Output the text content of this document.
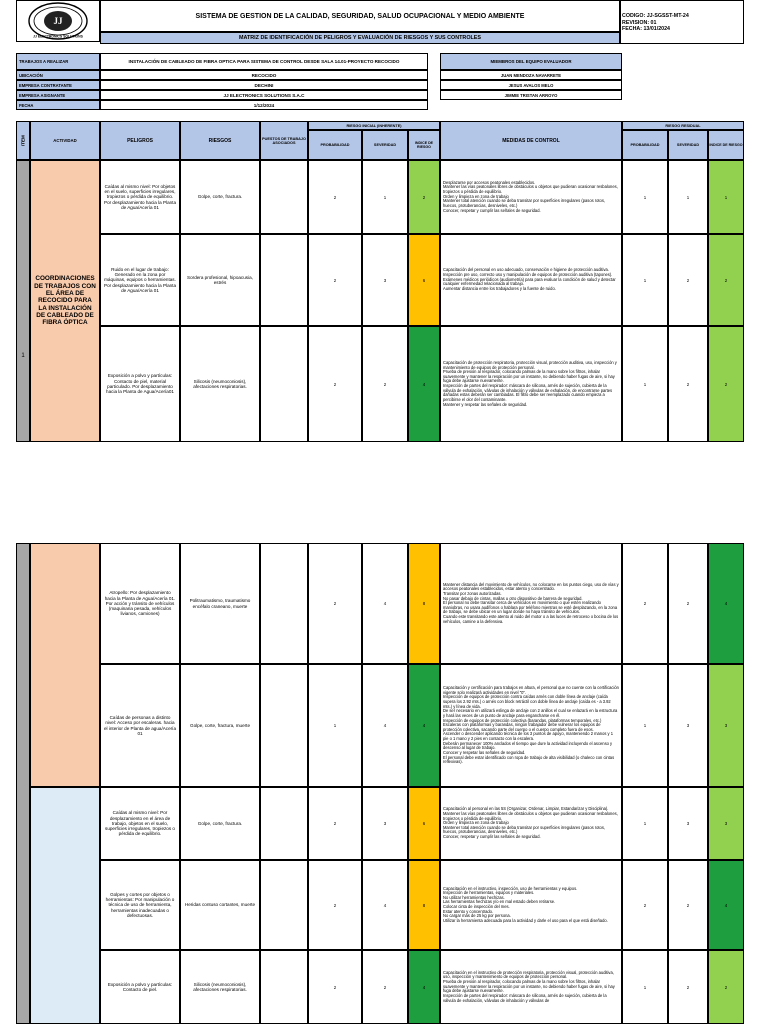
JJ
JJ ELECTRONICS SOLUTIONS
SISTEMA DE GESTION DE LA CALIDAD, SEGURIDAD, SALUD OCUPACIONAL Y MEDIO AMBIENTE
MATRIZ DE IDENTIFICACIÓN DE PELIGROS Y EVALUACIÓN DE RIESGOS Y SUS CONTROLES
CODIGO: JJ-SGSST-MT-24
REVISION: 01
FECHA: 13/01/2024
TRABAJOS A REALIZAR	INSTALACIÓN DE CABLEADO DE FIBRA OPTICA PARA SISTEMA DE CONTROL DESDE SALA 14.01-PROYECTO RECOCIDO
UBICACIÓN	RECOCIDO
EMPRESA CONTRATANTE	DECHINI
EMPRESA ASIGNANTE	JJ ELECTRONICS SOLUTIONS S.A.C
FECHA	1/12/2024
MIEMBROS DEL EQUIPO EVALUADOR
JUAN MENDOZA NAVARRETE
JESUS AVALOS MELO
JIMMIE TRISTAN ARROYO
ITEM	ACTIVIDAD	PELIGROS	RIESGOS	PUESTOS DE TRABAJO ASOCIADOS
RIESGO INICIAL (INHERENTE)
PROBABILIDAD	SEVERIDAD	INDICE DE RIESGO
MEDIDAS DE CONTROL
RIESGO RESIDUAL
PROBABILIDAD	SEVERIDAD	INDICE DE RIESGO
1
COORDINACIONES DE TRABAJOS CON EL ÁREA DE RECOCIDO PARA LA INSTALACIÓN DE CABLEADO DE FIBRA ÓPTICA
Caídas al mismo nivel: Por objetos en el suelo, superficies irregulares, tropiezos o pérdida de equilibrio. Por desplazamiento hacia la Planta de Agua/Acería 01
Golpe, corte, fractura.	2	1	2
Desplazarse por accesos peatonales establecidos.
Mantener las vías peatonales libres de obstáculos u objetos que pudieran ocasionar resbalones, tropiezos o pérdida de equilibrio.
Orden y limpieza en zona de trabajo
Mantener total atención cuando se deba transitar por superficies irregulares (pasos rotos, huecos, protuberancias, desniveles, etc.)
Conocer, respetar y cumplir las señales de seguridad.
1	1	1
Ruido en el lugar de trabajo: Generado en la zona por máquinas, equipos o herramientas. Por desplazamiento hacia la Planta de Agua/Acería 01
Sordera profesional, hipoacusia, estrés	2	3	6
Capacitación del personal en uso adecuado, conservación e higiene de protección auditiva.
Inspección pre uso, correcto uso y manipulación de equipos de protección auditiva (tapones).
Exámenes médicos periódicos (audiometría) para para evaluar la condición de salud y detectar cualquier enfermedad relacionada al trabajo.
Aumentar distancia entre los trabajadores y la fuente de ruido.
1	2	2
Exposición a polvo y partículas: Contacto de piel, material particulado. Por desplazamiento hacia la Planta de Agua/Acería01
Silicosis (neumoconiosis), afectaciones respiratorias.	2	2	4
Capacitación de protección respiratoria, protección visual, protección auditiva, uso, inspección y mantenimiento de equipos de protección personal.
Prueba de presión al respirador, colocando palmas de la mano sobre los filtros, inhalar suavemente y mantener la respiración por un instante, no debiendo haber fugas de aire, si hay fuga debe ajustarse nuevamente.
Inspección de partes del respirador: máscara de silicona, arnés de sujeción, cubierta de la válvula de exhalación, válvulas de inhalación y válvulas de exhalación, de encontrarse partes dañadas estas deberán ser cambiadas. El filtro debe ser reemplazado cuando empieza a percibirse el olor del contaminante.
Mantener y respetar las señales de seguridad.
1	2	2
Atropello: Por desplazamiento hacia la Planta de Agua/Acería 01. Por acción y tránsito de vehículos (maquinaria pesada, vehículos livianos, camiones)
Politraumatismo, traumatismo encéfalo craneano, muerte	2	4	8
Mantener distancia del movimiento de vehículos, no colocarse en los puntos ciego, uso de vías y accesos peatonales establecidos, estar atento y concentrado.
Transitar por zonas autorizadas.
No pasar debajo de cintas, mallas u otro dispositivo de barrera de seguridad.
El personal no debe transitar cerca de vehículos en movimiento o que estén realizando maniobras, no usara audífonos o hablara por teléfono mientras se esté desplazando, en la zona de trabajo, se debe ubicar en un lugar donde no haya tránsito de vehículos.
Cuando este transitando este atento al ruido del motor o a las luces de retroceso o bocina de los vehículos, camine a la defensiva.
2	2	4
Caídas de personas a distinto nivel: Acceso por escaleras. hacia el interior de Planta de agua/Acería 01
Golpe, corte, fractura, muerte	1	4	4
Capacitación y certificación para trabajos en altura, el personal que no cuente con la certificación vigente solo realizará actividades en nivel "0".
Inspección de equipos de protección contra caídas arnés con doble línea de anclaje (caída supera los 2.92 mts.) o arnés con block retráctil con doble línea de anclaje (caída es - a 3.92 mts.) y línea de vida.
De ser necesario en utilizará eslinga de anclaje con 2 anillos el cual se enlazará en la estructura y hará las veces de un punto de anclaje para engancharse en él.
Inspección de equipos de protección colectiva (barandas, plataformas temporales, etc.) Escaleras con plataformas y barandas, ningún trabajador debe vulnerar los equipos de protección colectiva, sacando parte del cuerpo o el cuerpo completo fuera de esos.
Ascender o descender aplicando técnica de los 3 puntos de apoyo, manteniendo 2 manos y 1 pie o 1 mano y 2 pies en contacto con la escalera.
Deberán permanecer 100% anclados el tiempo que dure la actividad incluyendo el ascenso y descenso al lugar de trabajo.
Conocer y respetar las señales de seguridad.
El personal debe estar identificado con ropa de trabajo de alta visibilidad (o chaleco con cintas reflexivas).
1	3	3
Caídas al mismo nivel: Por desplazamiento en el área de trabajo, objetos en el suelo, superficies irregulares, tropiezos o pérdida de equilibrio.
Golpe, corte, fractura.	2	3	6
Capacitación al personal en las 5S (Organizar, Ordenar, Limpiar, Estandarizar y Disciplina).
Mantener las vías peatonales libres de obstáculos u objetos que pudieran ocasionar resbalones, tropiezos o pérdida de equilibrio.
Orden y limpieza en zona de trabajo
Mantener total atención cuando se deba transitar por superficies irregulares (pasos rotos, huecos, protuberancias, desniveles, etc.)
Conocer, respetar y cumplir las señales de seguridad.
1	3	3
Golpes y cortes por objetos o herramientas: Por manipulación o técnica de uso de herramienta, herramientas inadecuadas o defectuosas.
Heridas contuso cortantes, muerte	2	4	8
Capacitación en el instructivo, inspección, uso de herramientas y equipos.
Inspección de herramientas, equipos y materiales.
No utilizar herramientas hechizas.
Las herramientas hechizas y/o en mal estado deben retirarse.
Colocar cinta de inspección del mes.
Estar atento y concentrado.
No cargar más de 25 kg por persona.
Utilizar la herramienta adecuada para la actividad y darle el uso para el que está diseñado.
2	2	4
Exposición a polvo y partículas: Contacto de piel.
Silicosis (neumoconiosis), afectaciones respiratorias.	2	2	4
Capacitación en el instructivo de protección respiratoria, protección visual, protección auditiva, uso, inspección y mantenimiento de equipos de protección personal.
Prueba de presión al respirador, colocando palmas de la mano sobre los filtros, inhalar suavemente y mantener la respiración por un instante, no debiendo haber fugas de aire, si hay fuga debe ajustarse nuevamente.
Inspección de partes del respirador: máscara de silicona, arnés de sujeción, cubierta de la válvula de exhalación, válvulas de inhalación y válvulas de
1	2	2
